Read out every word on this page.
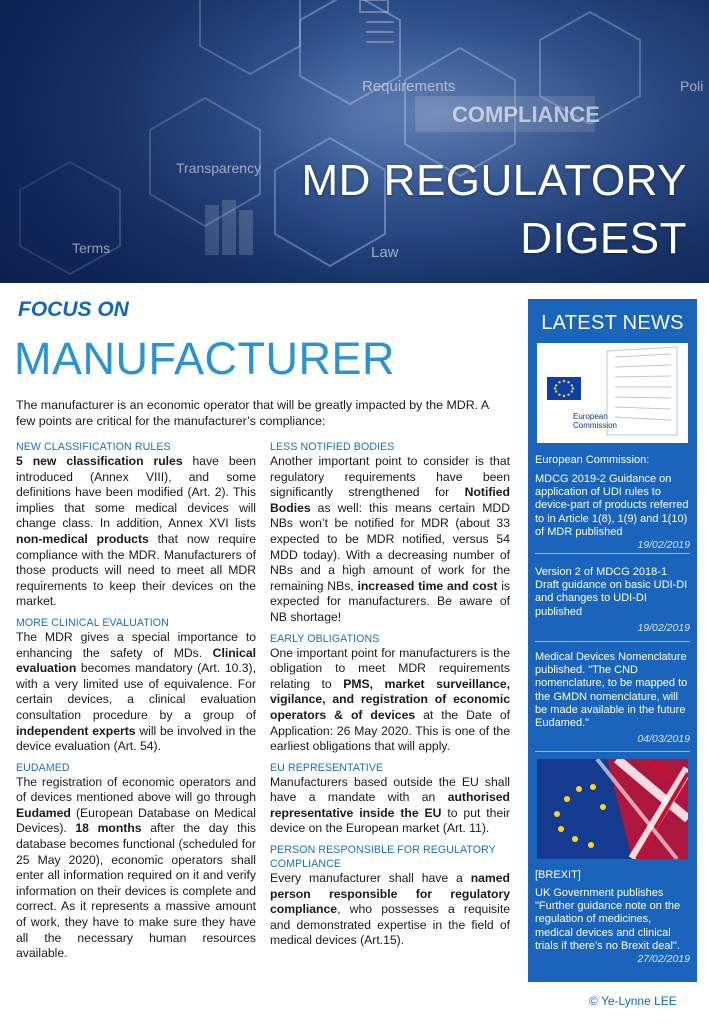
Requirements
COMPLIANCE
Transparency
Terms	Law
Poli
MD REGULATORY
DIGEST
FOCUS ON
MANUFACTURER
The manufacturer is an economic operator that will be greatly impacted by the MDR. A few points are critical for the manufacturer’s compliance:
NEW CLASSIFICATION RULES
5 new classification rules have been introduced (Annex VIII), and some definitions have been modified (Art. 2). This implies that some medical devices will change class. In addition, Annex XVI lists non-medical products that now require compliance with the MDR. Manufacturers of those products will need to meet all MDR requirements to keep their devices on the market.
MORE CLINICAL EVALUATION
The MDR gives a special importance to enhancing the safety of MDs. Clinical evaluation becomes mandatory (Art. 10.3), with a very limited use of equivalence. For certain devices, a clinical evaluation consultation procedure by a group of independent experts will be involved in the device evaluation (Art. 54).
EUDAMED
The registration of economic operators and of devices mentioned above will go through Eudamed (European Database on Medical Devices). 18 months after the day this database becomes functional (scheduled for 25 May 2020), economic operators shall enter all information required on it and verify information on their devices is complete and correct. As it represents a massive amount of work, they have to make sure they have all the necessary human resources available.
LESS NOTIFIED BODIES
Another important point to consider is that regulatory requirements have been significantly strengthened for Notified Bodies as well: this means certain MDD NBs won’t be notified for MDR (about 33 expected to be MDR notified, versus 54 MDD today). With a decreasing number of NBs and a high amount of work for the remaining NBs, increased time and cost is expected for manufacturers. Be aware of NB shortage!
EARLY OBLIGATIONS
One important point for manufacturers is the obligation to meet MDR requirements relating to PMS, market surveillance, vigilance, and registration of economic operators & of devices at the Date of Application: 26 May 2020. This is one of the earliest obligations that will apply.
EU REPRESENTATIVE
Manufacturers based outside the EU shall have a mandate with an authorised representative inside the EU to put their device on the European market (Art. 11).
PERSON RESPONSIBLE FOR REGULATORY COMPLIANCE
Every manufacturer shall have a named person responsible for regulatory compliance, who possesses a requisite and demonstrated expertise in the field of medical devices (Art.15).
LATEST NEWS
European
Commission
European Commission:
MDCG 2019-2 Guidance on application of UDI rules to device-part of products referred to in Article 1(8), 1(9) and 1(10) of MDR published
19/02/2019
Version 2 of MDCG 2018-1 Draft guidance on basic UDI-DI and changes to UDI-DI published
19/02/2019
Medical Devices Nomenclature published. "The CND nomenclature, to be mapped to the GMDN nomenclature, will be made available in the future Eudamed."
04/03/2019
[BREXIT]
UK Government publishes "Further guidance note on the regulation of medicines, medical devices and clinical trials if there’s no Brexit deal".
27/02/2019
© Ye-Lynne LEE
